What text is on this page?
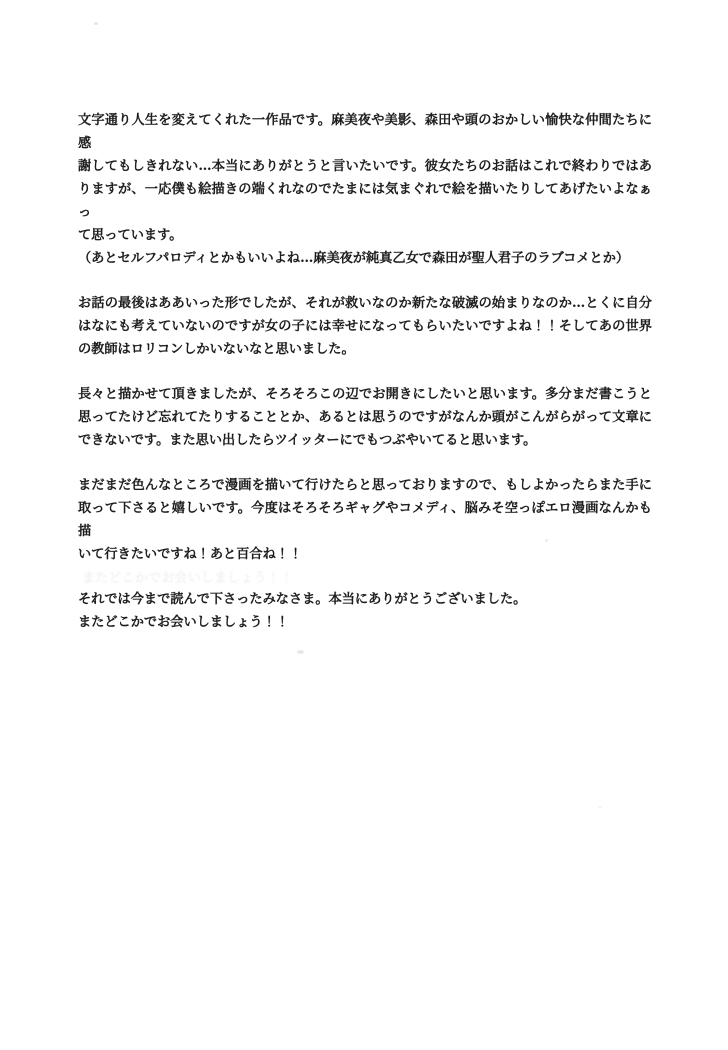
文字通り人生を変えてくれた一作品です。麻美夜や美影、森田や頭のおかしい愉快な仲間たちに感
謝してもしきれない…本当にありがとうと言いたいです。彼女たちのお話はこれで終わりではあ
りますが、一応僕も絵描きの端くれなのでたまには気まぐれで絵を描いたりしてあげたいよなぁっ
て思っています。
（あとセルフパロディとかもいいよね…麻美夜が純真乙女で森田が聖人君子のラブコメとか）
お話の最後はああいった形でしたが、それが救いなのか新たな破滅の始まりなのか…とくに自分
はなにも考えていないのですが女の子には幸せになってもらいたいですよね！！そしてあの世界
の教師はロリコンしかいないなと思いました。
長々と描かせて頂きましたが、そろそろこの辺でお開きにしたいと思います。多分まだ書こうと
思ってたけど忘れてたりすることとか、あるとは思うのですがなんか頭がこんがらがって文章に
できないです。また思い出したらツイッターにでもつぶやいてると思います。
まだまだ色んなところで漫画を描いて行けたらと思っておりますので、もしよかったらまた手に
取って下さると嬉しいです。今度はそろそろギャグやコメディ、脳みそ空っぽエロ漫画なんかも描
いて行きたいですね！あと百合ね！！
それでは今まで読んで下さったみなさま。本当にありがとうございました。
またどこかでお会いしましょう！！
またどこかでお会いしましょう！！
